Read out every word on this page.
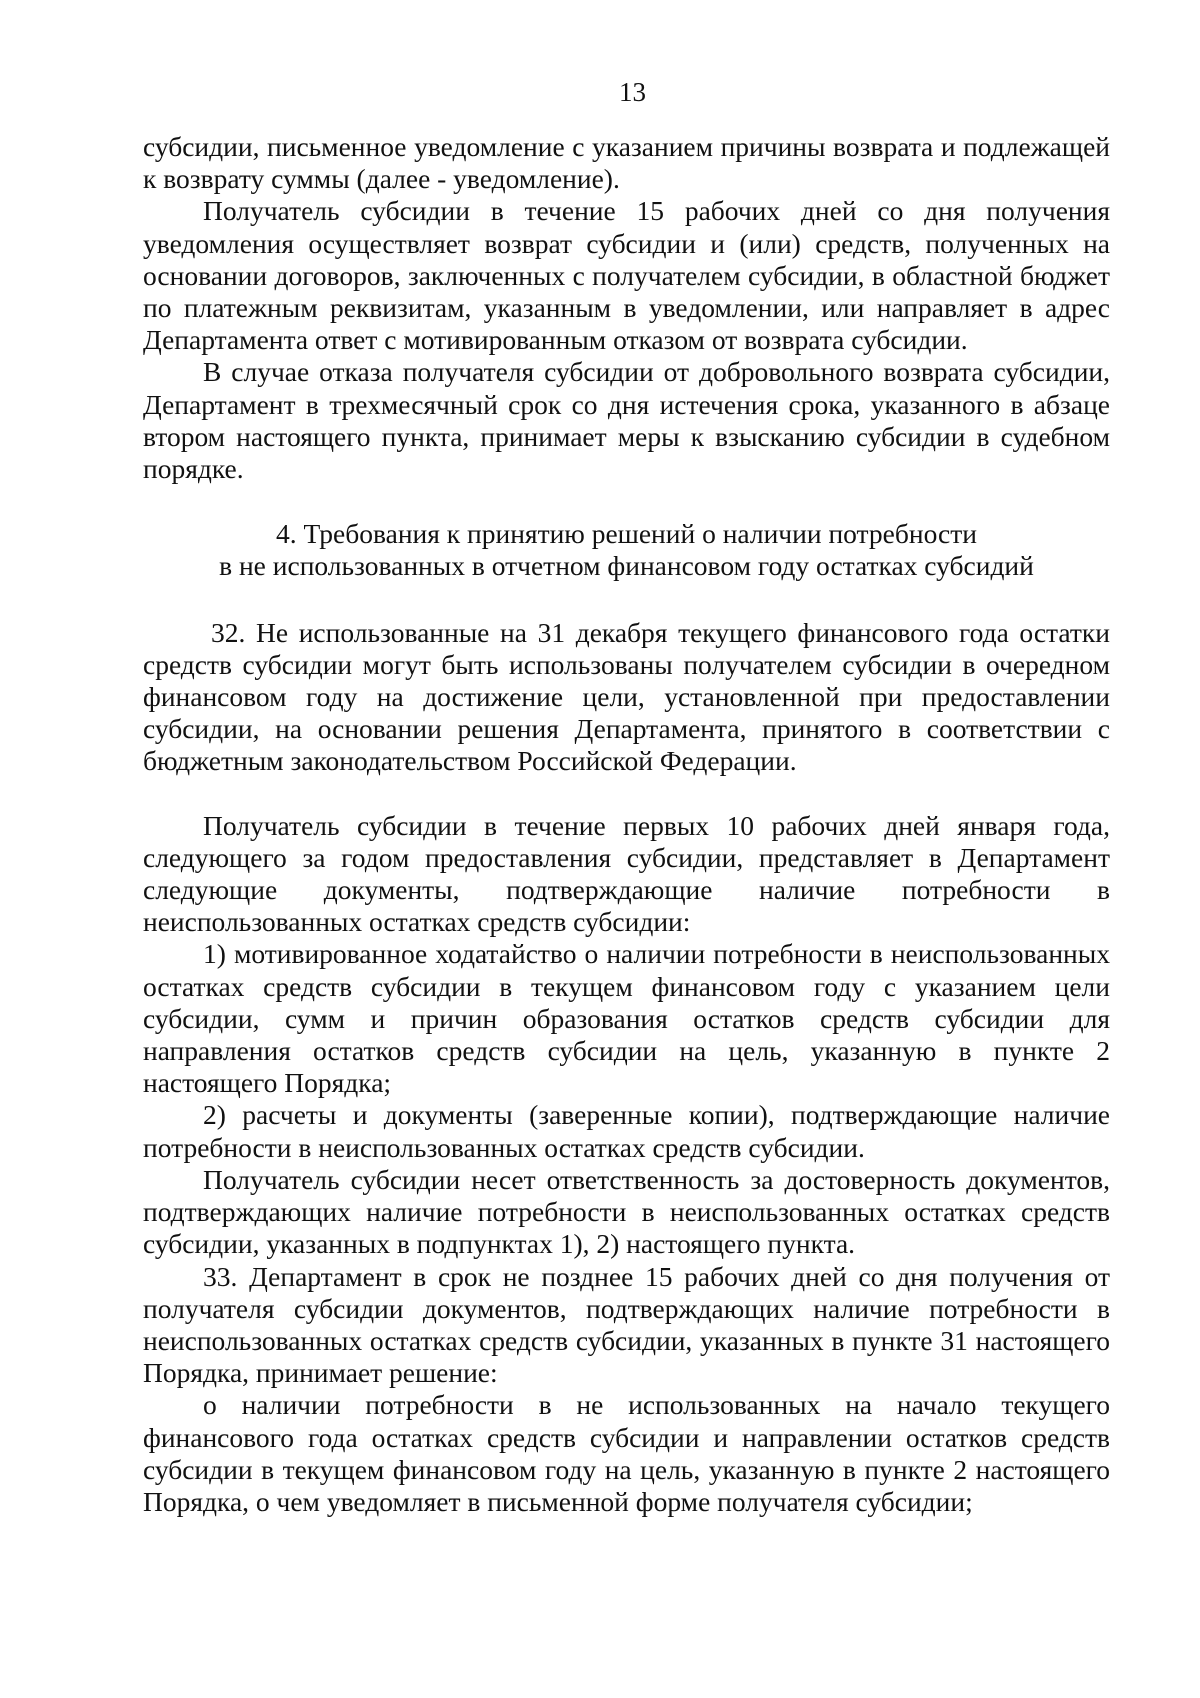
13

субсидии, письменное уведомление с указанием причины возврата и подлежащей к возврату суммы (далее - уведомление).

Получатель субсидии в течение 15 рабочих дней со дня получения уведомления осуществляет возврат субсидии и (или) средств, полученных на основании договоров, заключенных с получателем субсидии, в областной бюджет по платежным реквизитам, указанным в уведомлении, или направляет в адрес Департамента ответ с мотивированным отказом от возврата субсидии.

В случае отказа получателя субсидии от добровольного возврата субсидии, Департамент в трехмесячный срок со дня истечения срока, указанного в абзаце втором настоящего пункта, принимает меры к взысканию субсидии в судебном порядке.

4. Требования к принятию решений о наличии потребности

в не использованных в отчетном финансовом году остатках субсидий

32. Не использованные на 31 декабря текущего финансового года остатки средств субсидии могут быть использованы получателем субсидии в очередном финансовом году на достижение цели, установленной при предоставлении субсидии, на основании решения Департамента, принятого в соответствии с бюджетным законодательством Российской Федерации.

Получатель субсидии в течение первых 10 рабочих дней января года, следующего за годом предоставления субсидии, представляет в Департамент следующие документы, подтверждающие наличие потребности в неиспользованных остатках средств субсидии:

1) мотивированное ходатайство о наличии потребности в неиспользованных остатках средств субсидии в текущем финансовом году с указанием цели субсидии, сумм и причин образования остатков средств субсидии для направления остатков средств субсидии на цель, указанную в пункте 2 настоящего Порядка;

2) расчеты и документы (заверенные копии), подтверждающие наличие потребности в неиспользованных остатках средств субсидии.

Получатель субсидии несет ответственность за достоверность документов, подтверждающих наличие потребности в неиспользованных остатках средств субсидии, указанных в подпунктах 1), 2) настоящего пункта.

33. Департамент в срок не позднее 15 рабочих дней со дня получения от получателя субсидии документов, подтверждающих наличие потребности в неиспользованных остатках средств субсидии, указанных в пункте 31 настоящего Порядка, принимает решение:

о наличии потребности в не использованных на начало текущего финансового года остатках средств субсидии и направлении остатков средств субсидии в текущем финансовом году на цель, указанную в пункте 2 настоящего Порядка, о чем уведомляет в письменной форме получателя субсидии;
